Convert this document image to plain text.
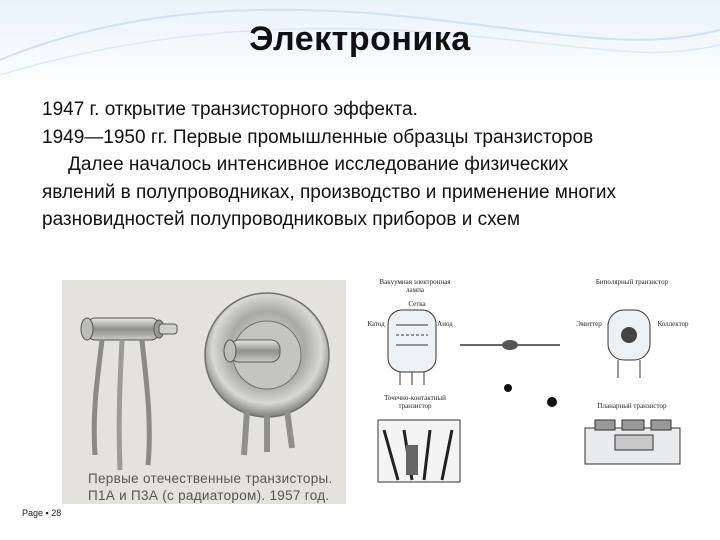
Электроника
1947 г. открытие транзисторного эффекта.
1949—1950 гг. Первые промышленные образцы транзисторов
Далее началось интенсивное исследование физических
явлений в полупроводниках, производство и применение многих
разновидностей полупроводниковых приборов и схем
Первые отечественные транзисторы.
П1А и П3А (с радиатором). 1957 год.
Вакуумная электронная лампа
Сетка
Катод	Анод
Точечно-контактный транзистор
Эмиттер	Коллектор
Биполярный транзистор
Планарный транзистор
Page ▪ 28
